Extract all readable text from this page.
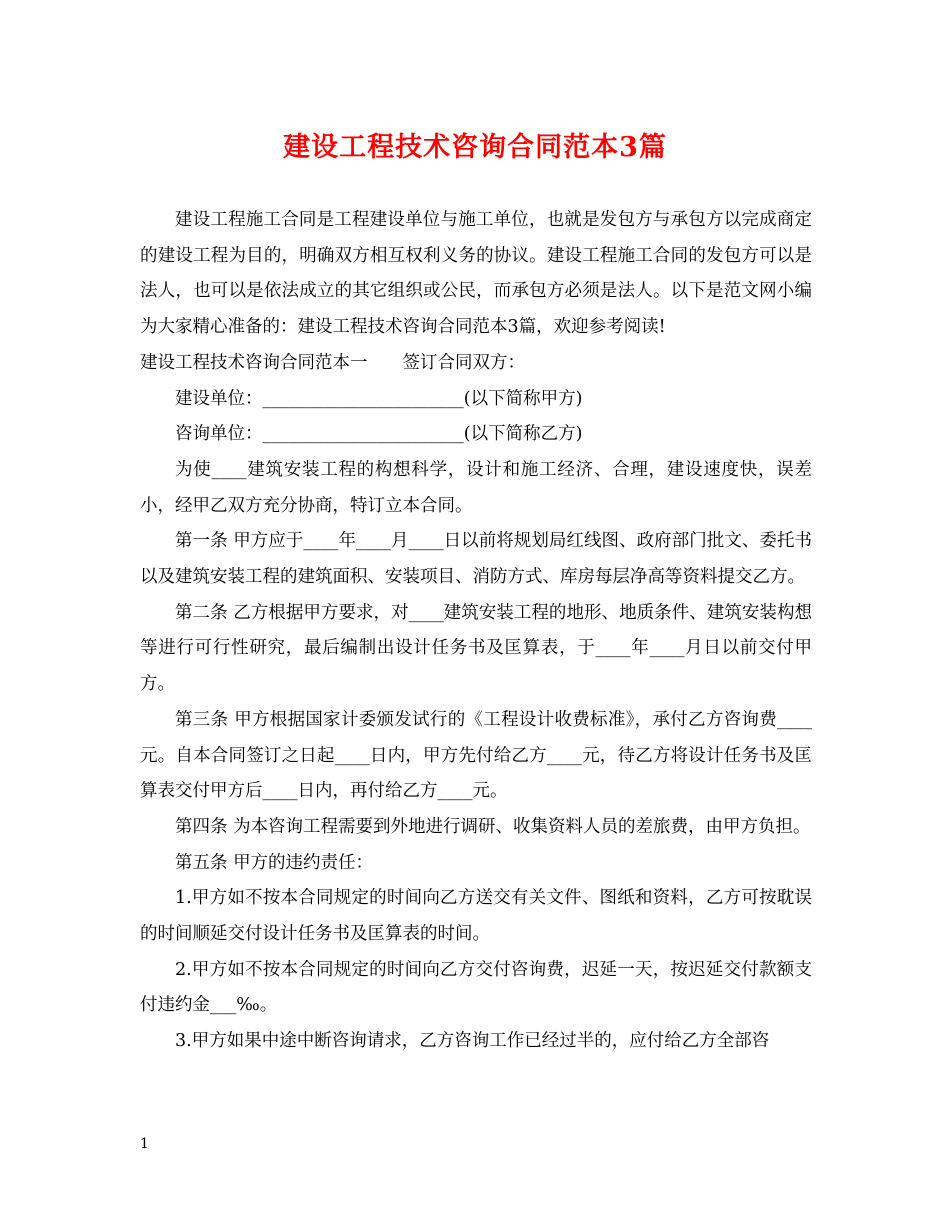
建设工程技术咨询合同范本3篇

建设工程施工合同是工程建设单位与施工单位，也就是发包方与承包方以完成商定的建设工程为目的，明确双方相互权利义务的协议。建设工程施工合同的发包方可以是法人，也可以是依法成立的其它组织或公民，而承包方必须是法人。以下是范文网小编为大家精心准备的：建设工程技术咨询合同范本3篇，欢迎参考阅读!

建设工程技术咨询合同范本一　　签订合同双方：

建设单位：_______________________(以下简称甲方)

咨询单位：_______________________(以下简称乙方)

为使____建筑安装工程的构想科学，设计和施工经济、合理，建设速度快，误差小，经甲乙双方充分协商，特订立本合同。

第一条 甲方应于____年____月____日以前将规划局红线图、政府部门批文、委托书以及建筑安装工程的建筑面积、安装项目、消防方式、库房每层净高等资料提交乙方。

第二条 乙方根据甲方要求，对____建筑安装工程的地形、地质条件、建筑安装构想等进行可行性研究，最后编制出设计任务书及匡算表，于____年____月日以前交付甲方。

第三条 甲方根据国家计委颁发试行的《工程设计收费标准》，承付乙方咨询费____元。自本合同签订之日起____日内，甲方先付给乙方____元，待乙方将设计任务书及匡算表交付甲方后____日内，再付给乙方____元。

第四条 为本咨询工程需要到外地进行调研、收集资料人员的差旅费，由甲方负担。

第五条 甲方的违约责任：

1.甲方如不按本合同规定的时间向乙方送交有关文件、图纸和资料，乙方可按耽误的时间顺延交付设计任务书及匡算表的时间。

2.甲方如不按本合同规定的时间向乙方交付咨询费，迟延一天，按迟延交付款额支付违约金___‰。

3.甲方如果中途中断咨询请求，乙方咨询工作已经过半的，应付给乙方全部咨

1
